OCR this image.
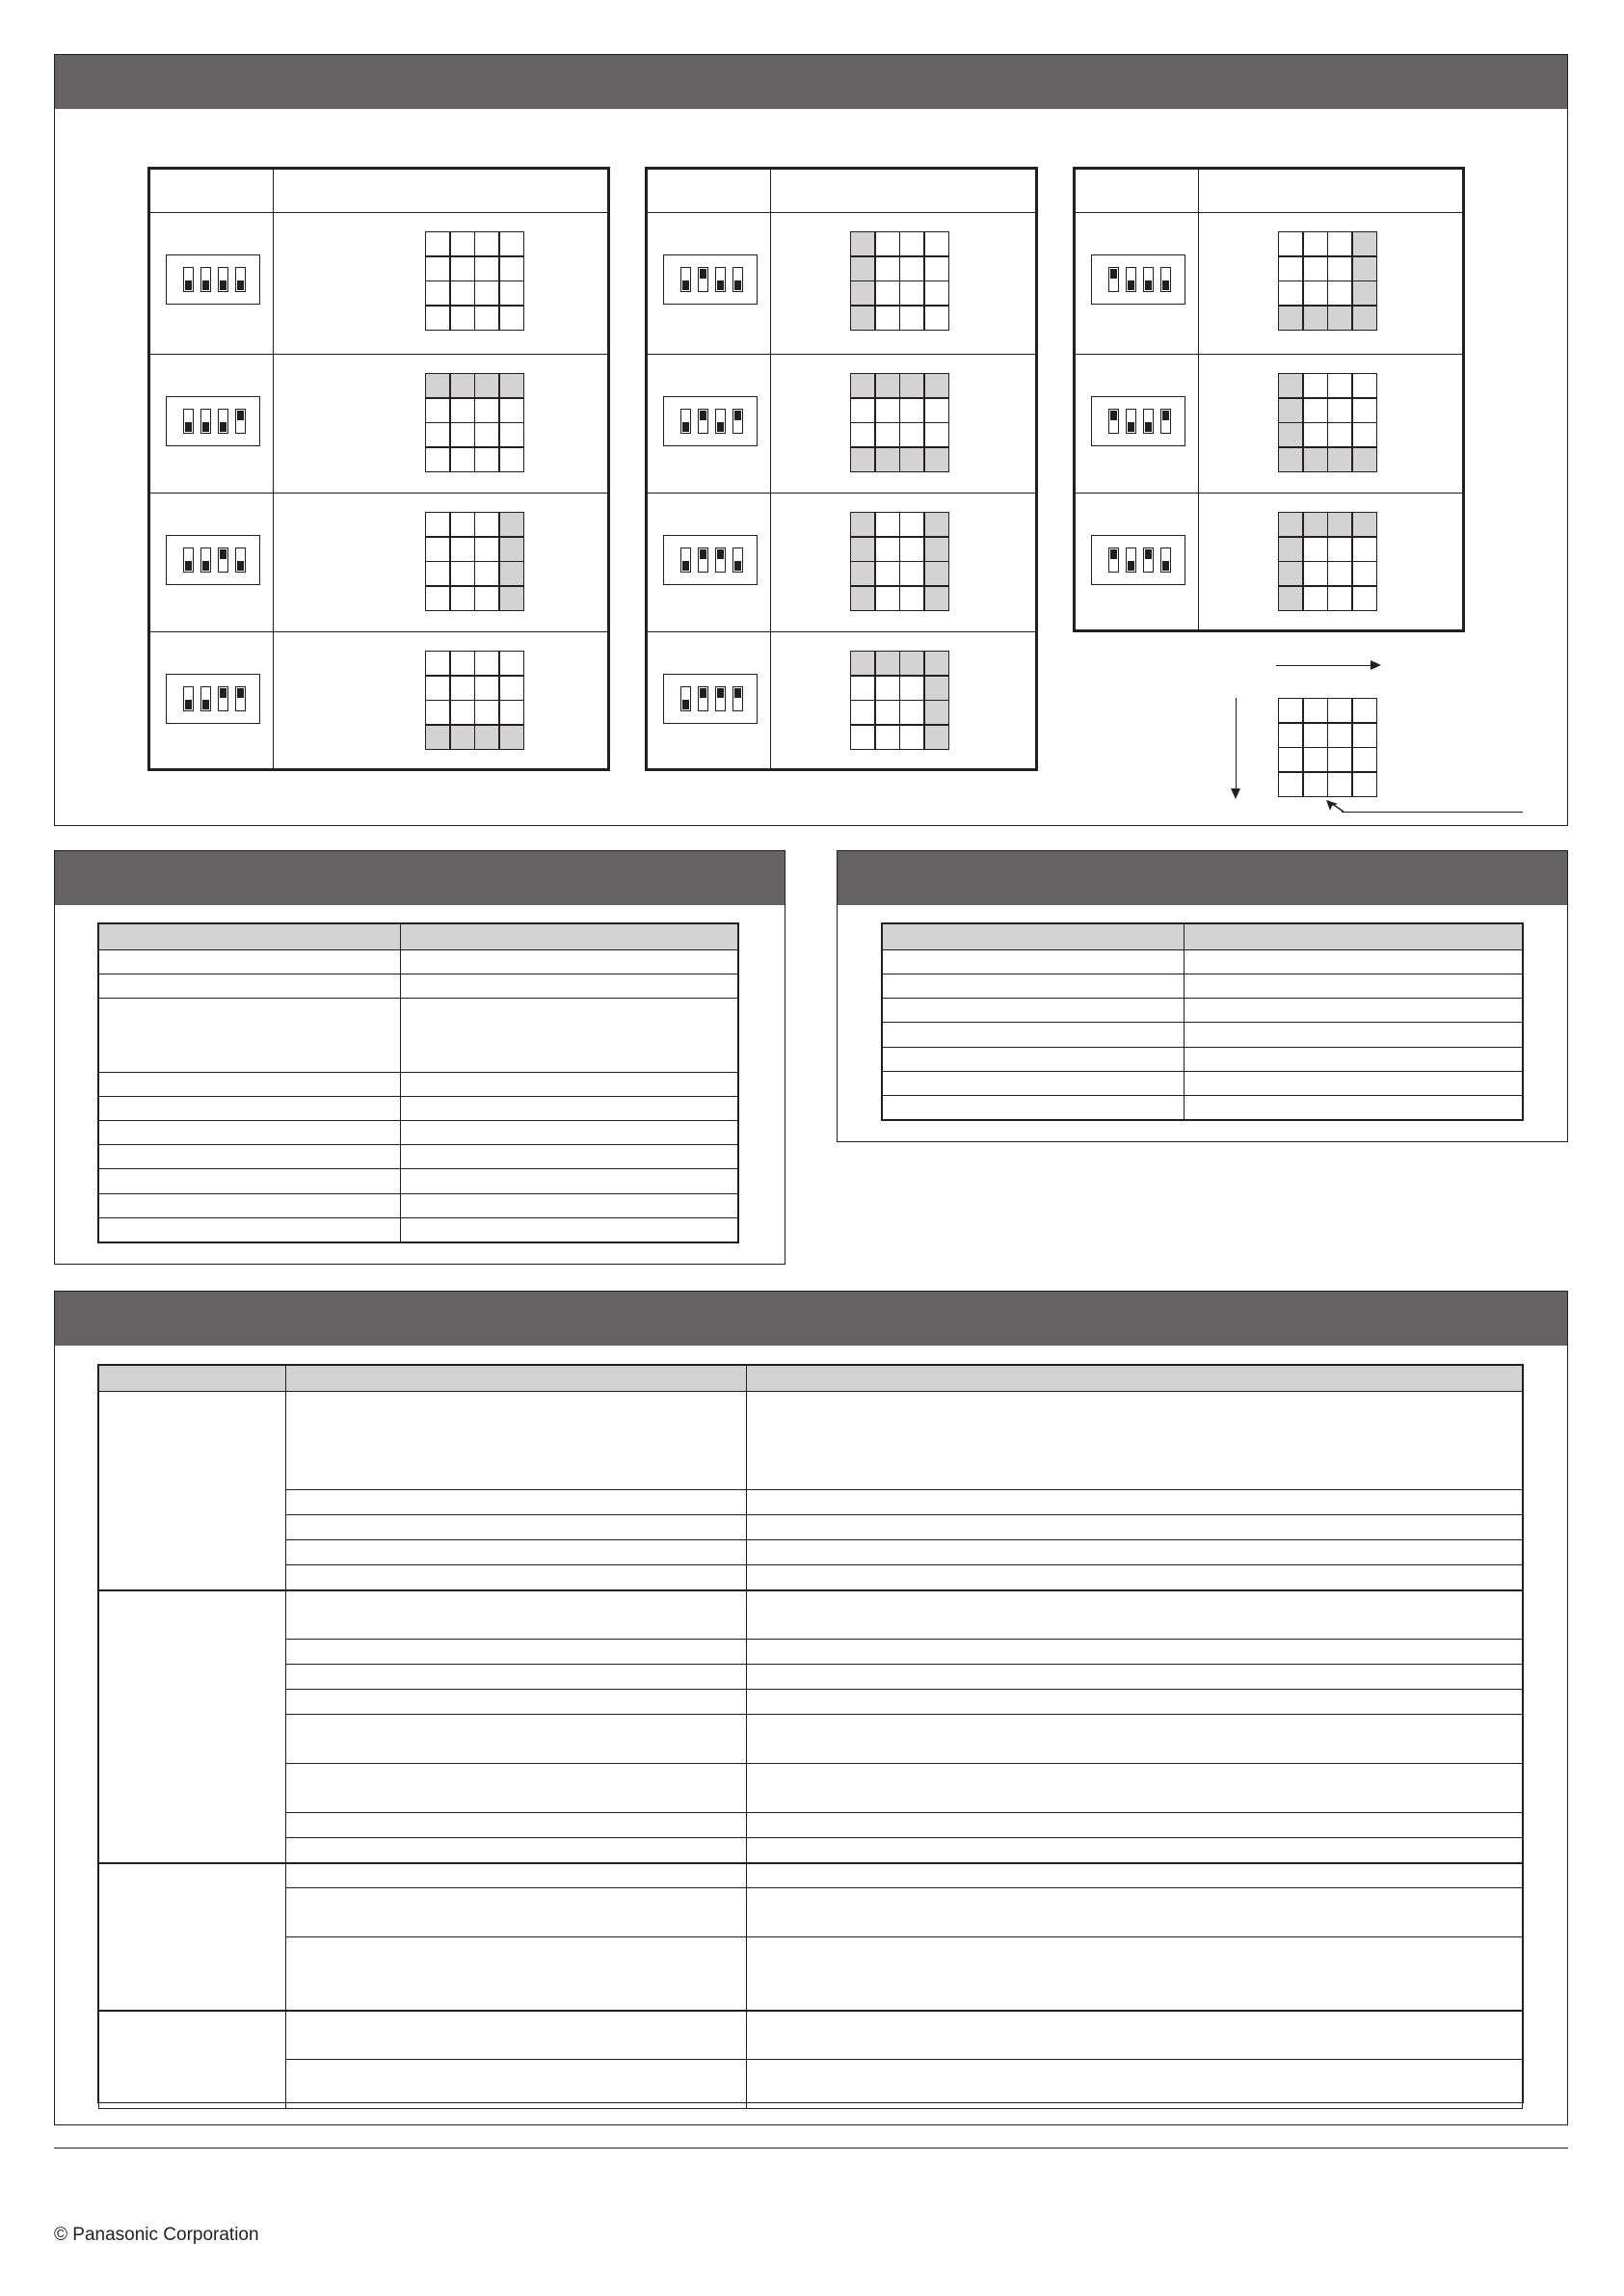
© Panasonic Corporation
